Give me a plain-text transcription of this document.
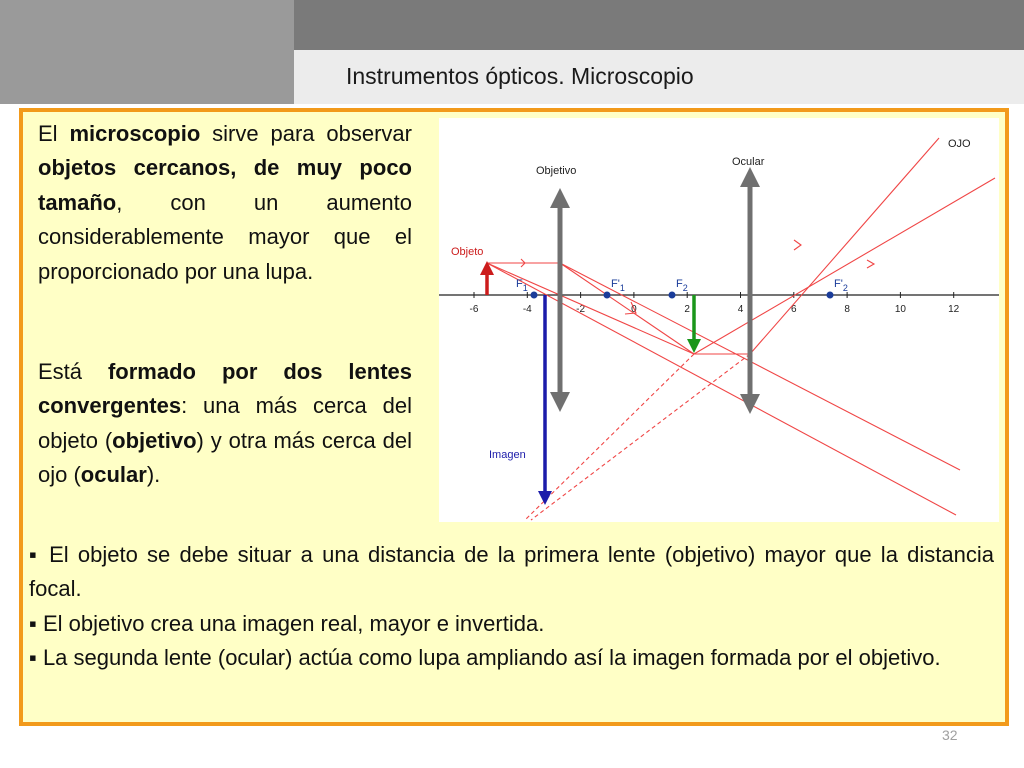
Instrumentos ópticos. Microscopio

El microscopio sirve para observar objetos cercanos, de muy poco tamaño, con un aumento considerablemente mayor que el proporcionado por una lupa.

Está formado por dos lentes convergentes: una más cerca del objeto (objetivo) y otra más cerca del ojo (ocular).

-6	-4	-2	0	2	4	6	8	10	12
$F_1$	$F'_1$	$F_2$	$F'_2$
Objetivo
Ocular
OJO
Objeto
Imagen

▪ El objeto se debe situar a una distancia de la primera lente (objetivo) mayor que la distancia focal.

▪ El objetivo crea una imagen real, mayor e invertida.

▪ La segunda lente (ocular) actúa como lupa ampliando así la imagen formada por el objetivo.

32
